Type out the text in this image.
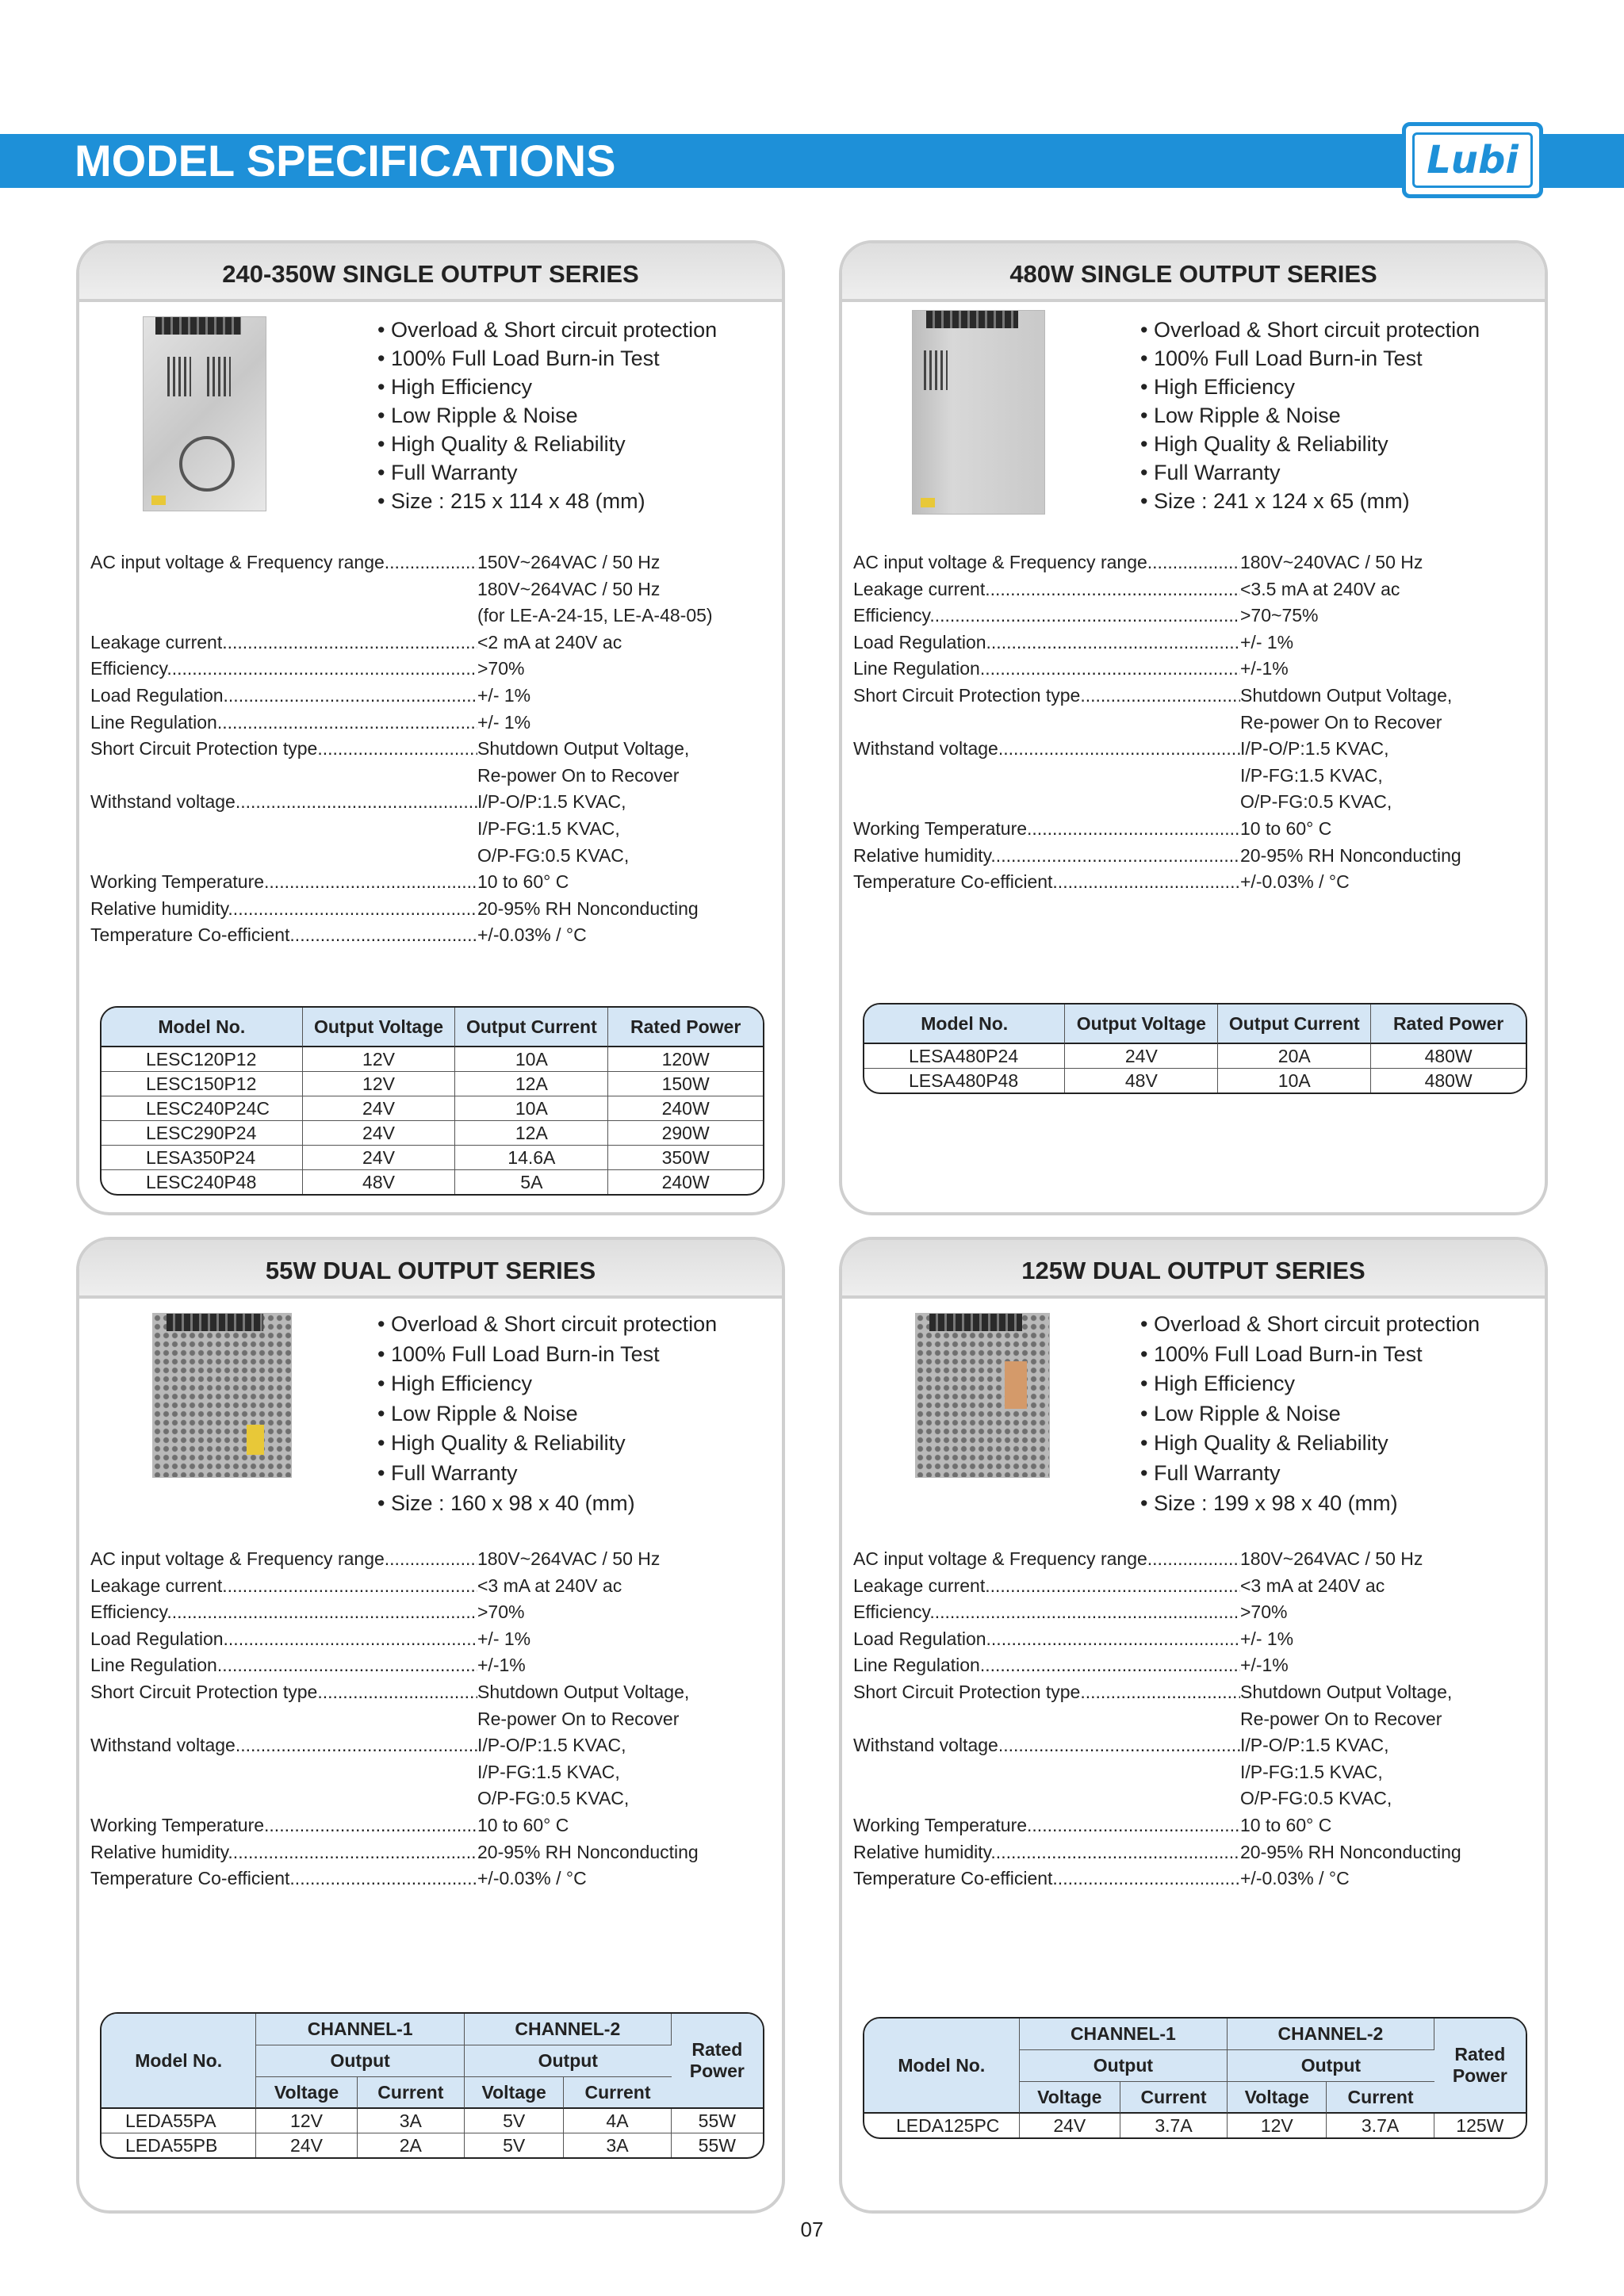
MODEL SPECIFICATIONS	Lubi
240-350W SINGLE OUTPUT SERIES
• Overload & Short circuit protection
• 100% Full Load Burn-in Test
• High Efficiency
• Low Ripple & Noise
• High Quality & Reliability
• Full Warranty
• Size : 215 x 114 x 48 (mm)
AC input voltage & Frequency range .....	150V~264VAC / 50 Hz
180V~264VAC / 50 Hz
(for LE-A-24-15, LE-A-48-05)
Leakage current .....	<2 mA at 240V ac
Efficiency .....	>70%
Load Regulation .....	+/- 1%
Line Regulation .....	+/- 1%
Short Circuit Protection type .....	Shutdown Output Voltage,
Re-power On to Recover
Withstand voltage .....	I/P-O/P:1.5 KVAC,
I/P-FG:1.5 KVAC,
O/P-FG:0.5 KVAC,
Working Temperature .....	10 to 60° C
Relative humidity .....	20-95% RH Nonconducting
Temperature Co-efficient .....	+/-0.03% / °C
Model No.	Output Voltage	Output Current	Rated Power
LESC120P12	12V	10A	120W
LESC150P12	12V	12A	150W
LESC240P24C	24V	10A	240W
LESC290P24	24V	12A	290W
LESA350P24	24V	14.6A	350W
LESC240P48	48V	5A	240W
480W SINGLE OUTPUT SERIES
• Overload & Short circuit protection
• 100% Full Load Burn-in Test
• High Efficiency
• Low Ripple & Noise
• High Quality & Reliability
• Full Warranty
• Size : 241 x 124 x 65 (mm)
AC input voltage & Frequency range .....	180V~240VAC / 50 Hz
Leakage current .....	<3.5 mA at 240V ac
Efficiency .....	>70~75%
Load Regulation .....	+/- 1%
Line Regulation .....	+/-1%
Short Circuit Protection type .....	Shutdown Output Voltage,
Re-power On to Recover
Withstand voltage .....	I/P-O/P:1.5 KVAC,
I/P-FG:1.5 KVAC,
O/P-FG:0.5 KVAC,
Working Temperature .....	10 to 60° C
Relative humidity .....	20-95% RH Nonconducting
Temperature Co-efficient .....	+/-0.03% / °C
Model No.	Output Voltage	Output Current	Rated Power
LESA480P24	24V	20A	480W
LESA480P48	48V	10A	480W
55W DUAL OUTPUT SERIES
• Overload & Short circuit protection
• 100% Full Load Burn-in Test
• High Efficiency
• Low Ripple & Noise
• High Quality & Reliability
• Full Warranty
• Size : 160 x 98 x 40 (mm)
AC input voltage & Frequency range .....	180V~264VAC / 50 Hz
Leakage current .....	<3 mA at 240V ac
Efficiency .....	>70%
Load Regulation .....	+/- 1%
Line Regulation .....	+/-1%
Short Circuit Protection type .....	Shutdown Output Voltage,
Re-power On to Recover
Withstand voltage .....	I/P-O/P:1.5 KVAC,
I/P-FG:1.5 KVAC,
O/P-FG:0.5 KVAC,
Working Temperature .....	10 to 60° C
Relative humidity .....	20-95% RH Nonconducting
Temperature Co-efficient .....	+/-0.03% / °C
Model No.	CHANNEL-1		CHANNEL-2		Rated
Power

	Output		Output		
	Voltage	Current	Voltage	Current	
LEDA55PA	12V	3A	5V	4A	55W
LEDA55PB	24V	2A	5V	3A	55W
125W DUAL OUTPUT SERIES
• Overload & Short circuit protection
• 100% Full Load Burn-in Test
• High Efficiency
• Low Ripple & Noise
• High Quality & Reliability
• Full Warranty
• Size : 199 x 98 x 40 (mm)
AC input voltage & Frequency range .....	180V~264VAC / 50 Hz
Leakage current .....	<3 mA at 240V ac
Efficiency .....	>70%
Load Regulation .....	+/- 1%
Line Regulation .....	+/-1%
Short Circuit Protection type .....	Shutdown Output Voltage,
Re-power On to Recover
Withstand voltage .....	I/P-O/P:1.5 KVAC,
I/P-FG:1.5 KVAC,
O/P-FG:0.5 KVAC,
Working Temperature .....	10 to 60° C
Relative humidity .....	20-95% RH Nonconducting
Temperature Co-efficient .....	+/-0.03% / °C
Model No.	CHANNEL-1		CHANNEL-2		Rated
Power

	Output		Output		
	Voltage	Current	Voltage	Current	
LEDA125PC	24V	3.7A	12V	3.7A	125W
07
